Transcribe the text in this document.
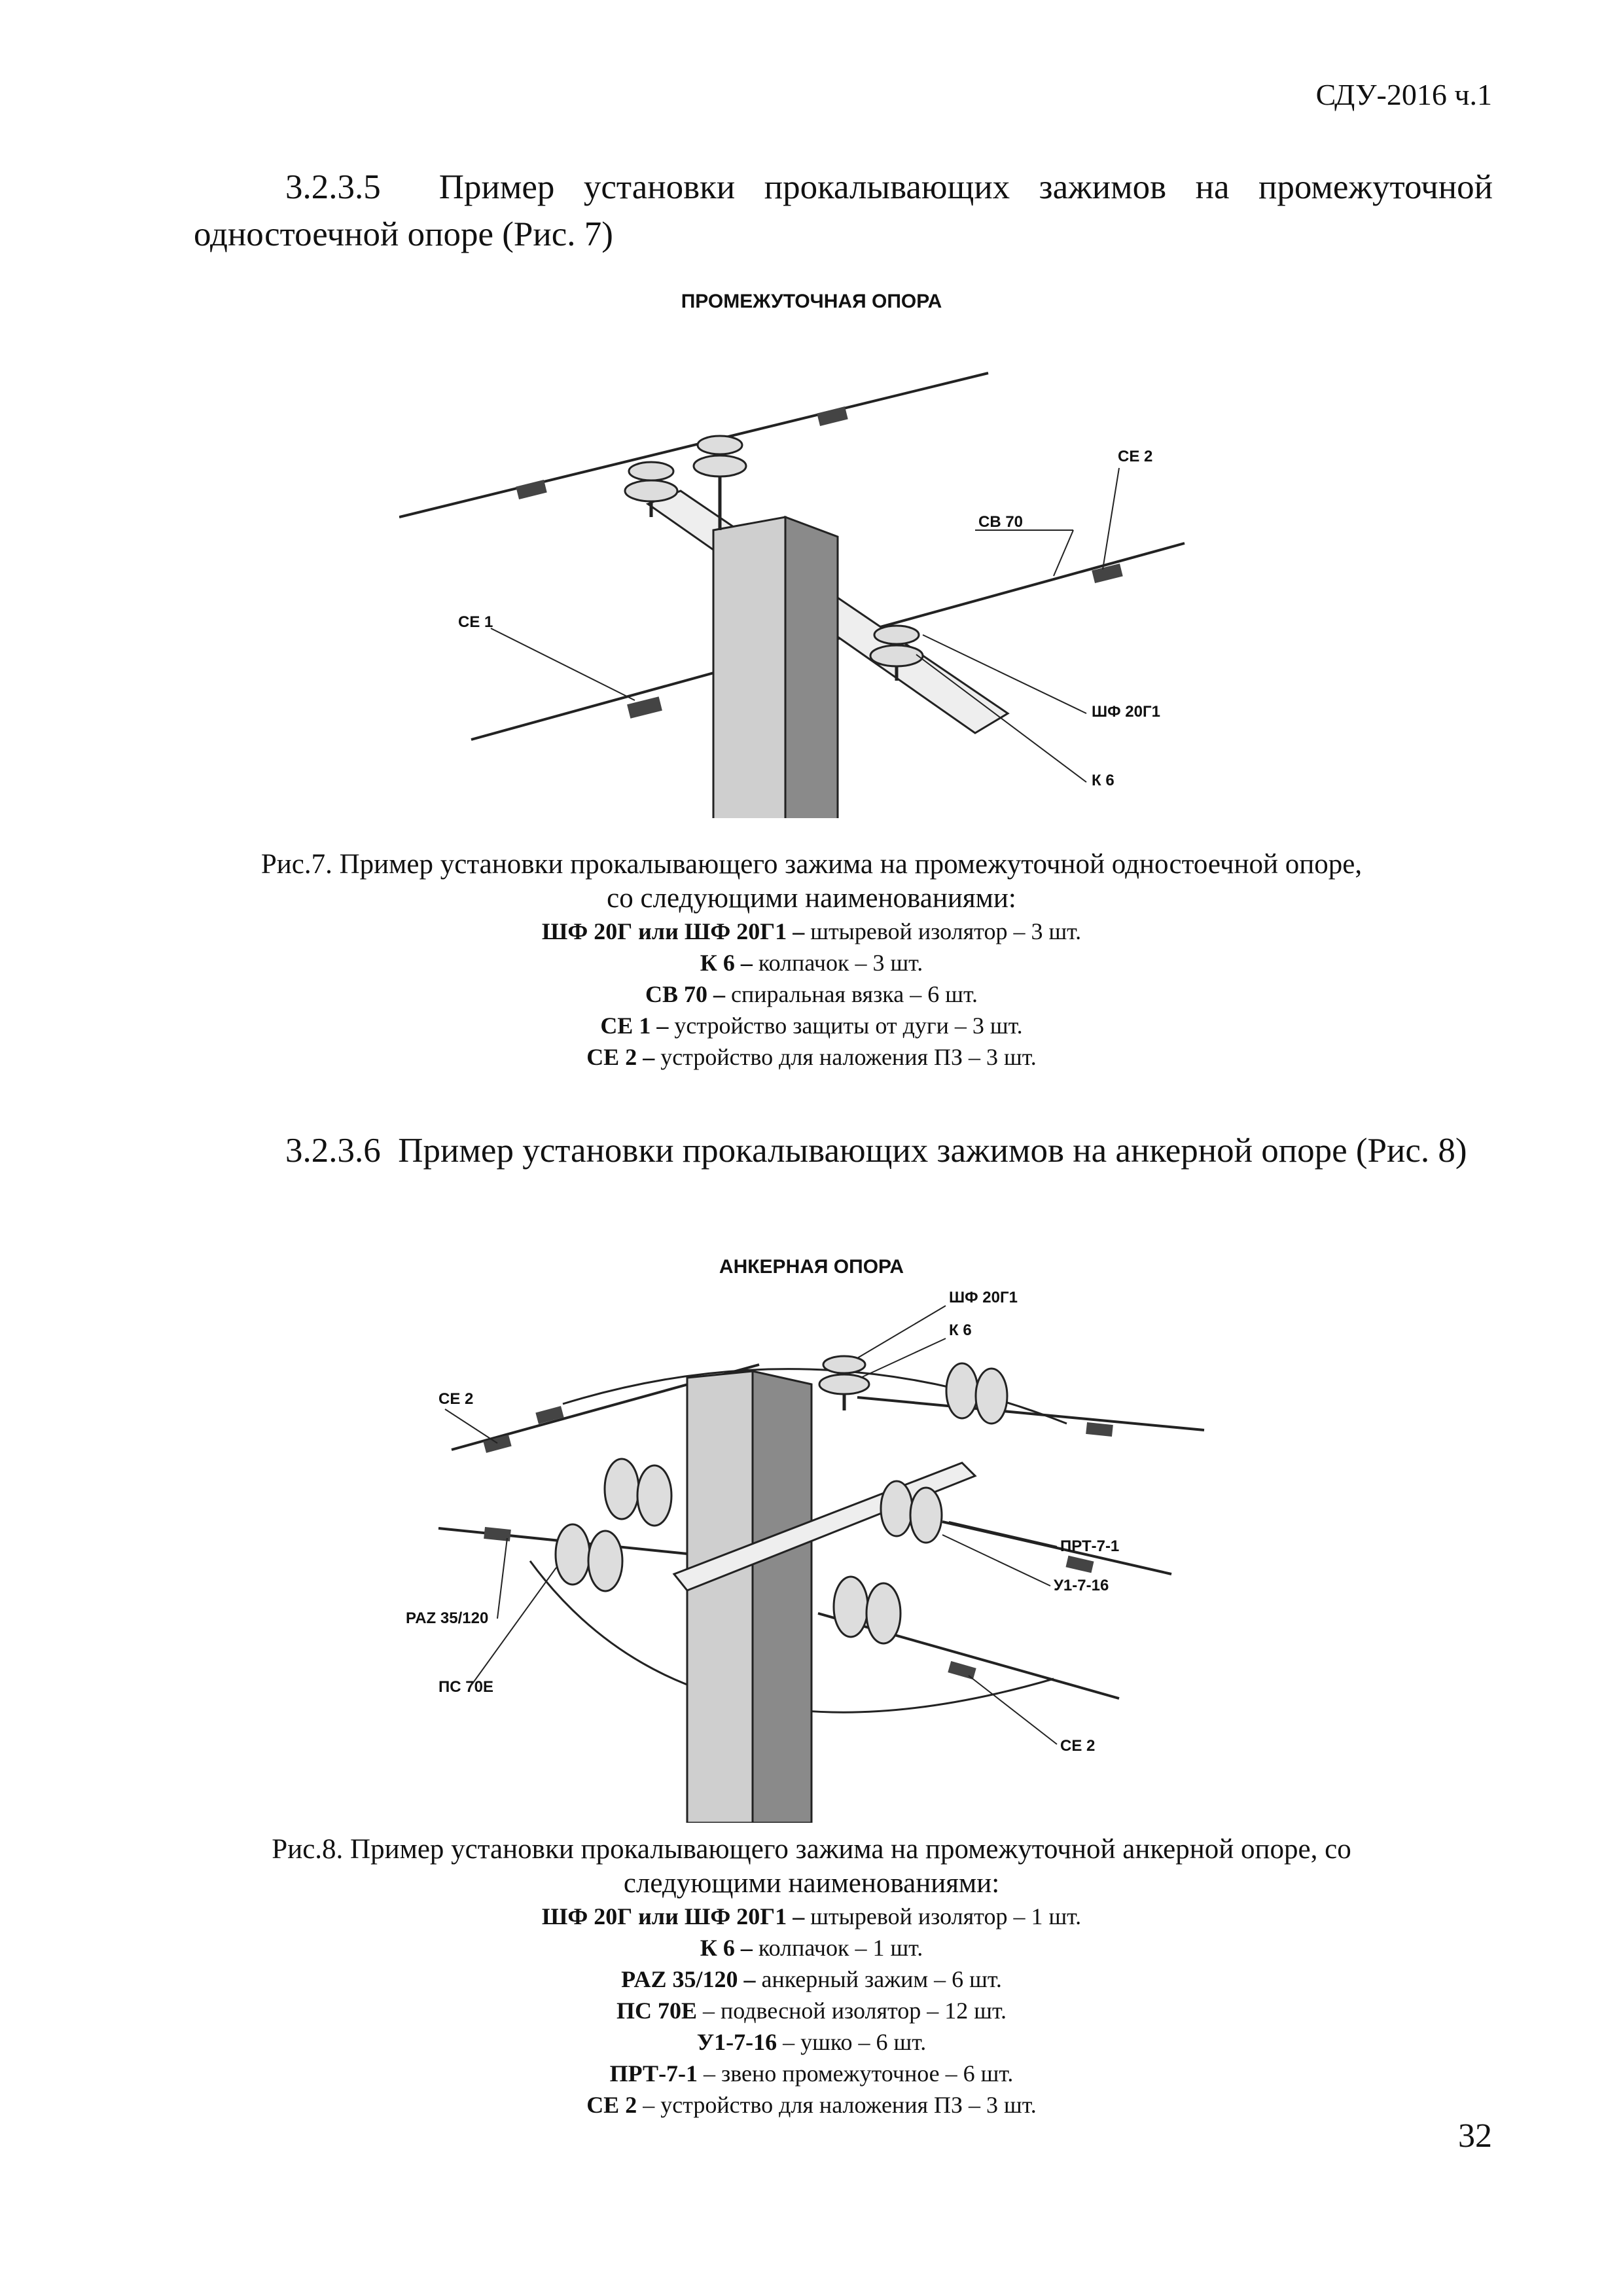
СДУ-2016 ч.1
3.2.3.5 Пример установки прокалывающих зажимов на промежуточной одностоечной опоре (Рис. 7)
ПРОМЕЖУТОЧНАЯ ОПОРА
СЕ 2
СВ 70
СЕ 1
ШФ 20Г1
К 6
Рис.7. Пример установки прокалывающего зажима на промежуточной одностоечной опоре,
со следующими наименованиями:
ШФ 20Г или ШФ 20Г1 – штыревой изолятор – 3 шт.
К 6 – колпачок – 3 шт.
СВ 70 – спиральная вязка – 6 шт.
СЕ 1 – устройство защиты от дуги – 3 шт.
СЕ 2 – устройство для наложения ПЗ – 3 шт.
3.2.3.6 Пример установки прокалывающих зажимов на анкерной опоре (Рис. 8)
АНКЕРНАЯ ОПОРА
ШФ 20Г1
К 6
СЕ 2
ПРТ-7-1
У1-7-16
PAZ 35/120
ПС 70Е
СЕ 2
Рис.8. Пример установки прокалывающего зажима на промежуточной анкерной опоре, со
следующими наименованиями:
ШФ 20Г или ШФ 20Г1 – штыревой изолятор – 1 шт.
К 6 – колпачок – 1 шт.
PAZ 35/120 – анкерный зажим – 6 шт.
ПС 70Е – подвесной изолятор – 12 шт.
У1-7-16 – ушко – 6 шт.
ПРТ-7-1 – звено промежуточное – 6 шт.
СЕ 2 – устройство для наложения ПЗ – 3 шт.
32
